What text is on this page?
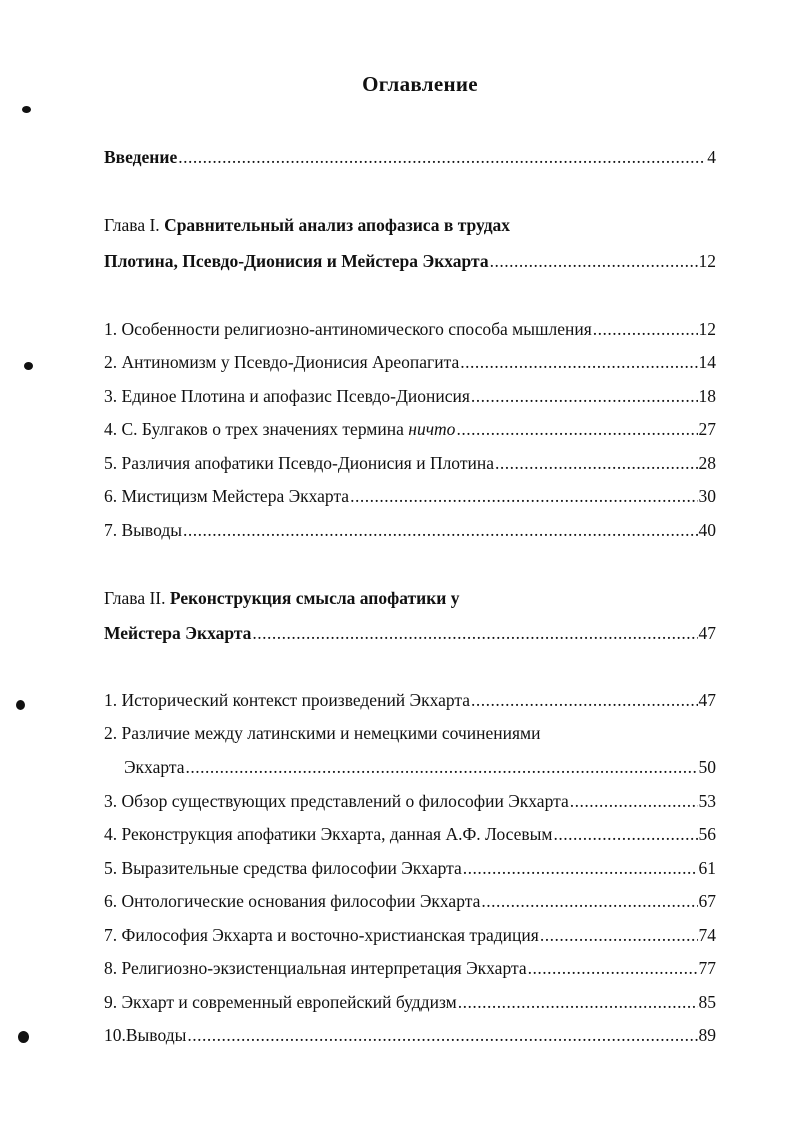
Оглавление
Введение .....	4
Глава I. Сравнительный анализ апофазиса в трудах
Плотина, Псевдо-Дионисия и Мейстера Экхарта .....	12
1. Особенности религиозно-антиномического способа мышления .....	12
2. Антиномизм у Псевдо-Дионисия Ареопагита .....	14
3. Единое Плотина и апофазис Псевдо-Дионисия .....	18
4. С. Булгаков о трех значениях термина ничто .....	27
5. Различия апофатики Псевдо-Дионисия и Плотина .....	28
6. Мистицизм Мейстера Экхарта .....	30
7. Выводы .....	40
Глава II. Реконструкция смысла апофатики у
Мейстера Экхарта .....	47
1. Исторический контекст произведений Экхарта .....	47
2. Различие между латинскими и немецкими сочинениями
Экхарта .....	50
3. Обзор существующих представлений о философии Экхарта .....	53
4. Реконструкция апофатики Экхарта, данная А.Ф. Лосевым .....	56
5. Выразительные средства философии Экхарта .....	61
6. Онтологические основания философии Экхарта .....	67
7. Философия Экхарта и восточно-христианская традиция .....	74
8. Религиозно-экзистенциальная интерпретация Экхарта .....	77
9. Экхарт и современный европейский буддизм .....	85
10.Выводы .....	89
